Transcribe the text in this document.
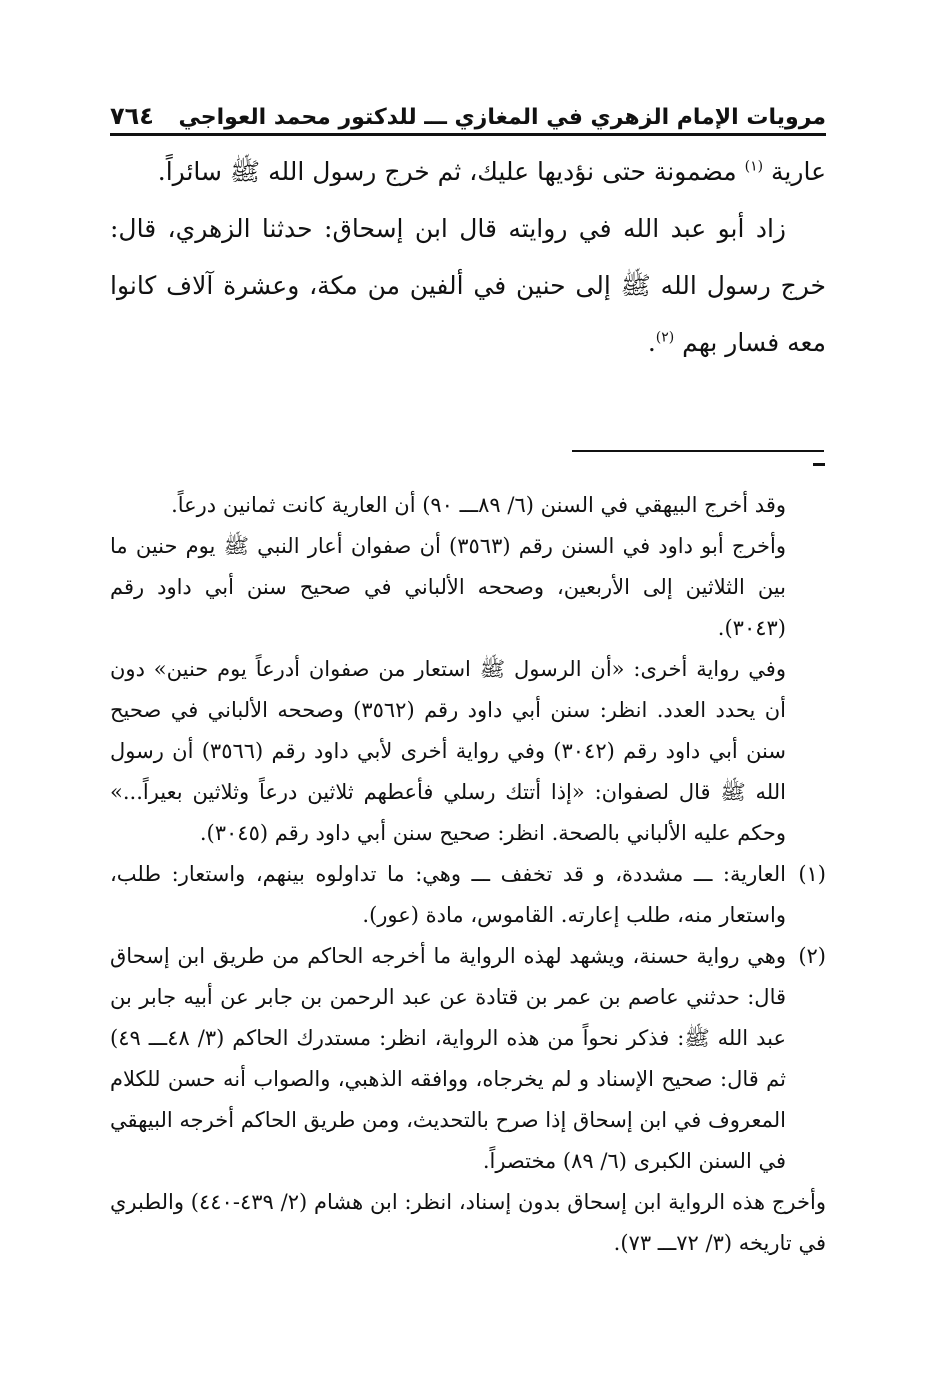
مرويات الإمام الزهري في المغازي ـــ للدكتور محمد العواجي
٧٦٤

عارية $^{(١)}$ مضمونة حتى نؤديها عليك، ثم خرج رسول الله ﷺ سائراً.

زاد أبو عبد الله في روايته قال ابن إسحاق: حدثنا الزهري، قال: خرج رسول الله ﷺ إلى حنين في ألفين من مكة، وعشرة آلاف كانوا معه فسار بهم $^{(٢)}$.

وقد أخرج البيهقي في السنن (٦/ ٨٩ـــ ٩٠) أن العارية كانت ثمانين درعاً.

وأخرج أبو داود في السنن رقم (٣٥٦٣) أن صفوان أعار النبي ﷺ يوم حنين ما بين الثلاثين إلى الأربعين، وصححه الألباني في صحيح سنن أبي داود رقم (٣٠٤٣).

وفي رواية أخرى: «أن الرسول ﷺ استعار من صفوان أدرعاً يوم حنين» دون أن يحدد العدد. انظر: سنن أبي داود رقم (٣٥٦٢) وصححه الألباني في صحيح سنن أبي داود رقم (٣٠٤٢) وفي رواية أخرى لأبي داود رقم (٣٥٦٦) أن رسول الله ﷺ قال لصفوان: «إذا أتتك رسلي فأعطهم ثلاثين درعاً وثلاثين بعيراً...» وحكم عليه الألباني بالصحة. انظر: صحيح سنن أبي داود رقم (٣٠٤٥).

(١)

العارية: ـــ مشددة، و قد تخفف ـــ وهي: ما تداولوه بينهم، واستعار: طلب، واستعار منه، طلب إعارته. القاموس، مادة (عور).

(٢)

وهي رواية حسنة، ويشهد لهذه الرواية ما أخرجه الحاكم من طريق ابن إسحاق قال: حدثني عاصم بن عمر بن قتادة عن عبد الرحمن بن جابر عن أبيه جابر بن عبد الله ﷺ: فذكر نحواً من هذه الرواية، انظر: مستدرك الحاكم (٣/ ٤٨ـــ ٤٩) ثم قال: صحيح الإسناد و لم يخرجاه، ووافقه الذهبي، والصواب أنه حسن للكلام المعروف في ابن إسحاق إذا صرح بالتحديث، ومن طريق الحاكم أخرجه البيهقي في السنن الكبرى (٦/ ٨٩) مختصراً.

وأخرج هذه الرواية ابن إسحاق بدون إسناد، انظر: ابن هشام (٢/ ٤٣٩-٤٤٠) والطبري في تاريخه (٣/ ٧٢ـــ ٧٣).
